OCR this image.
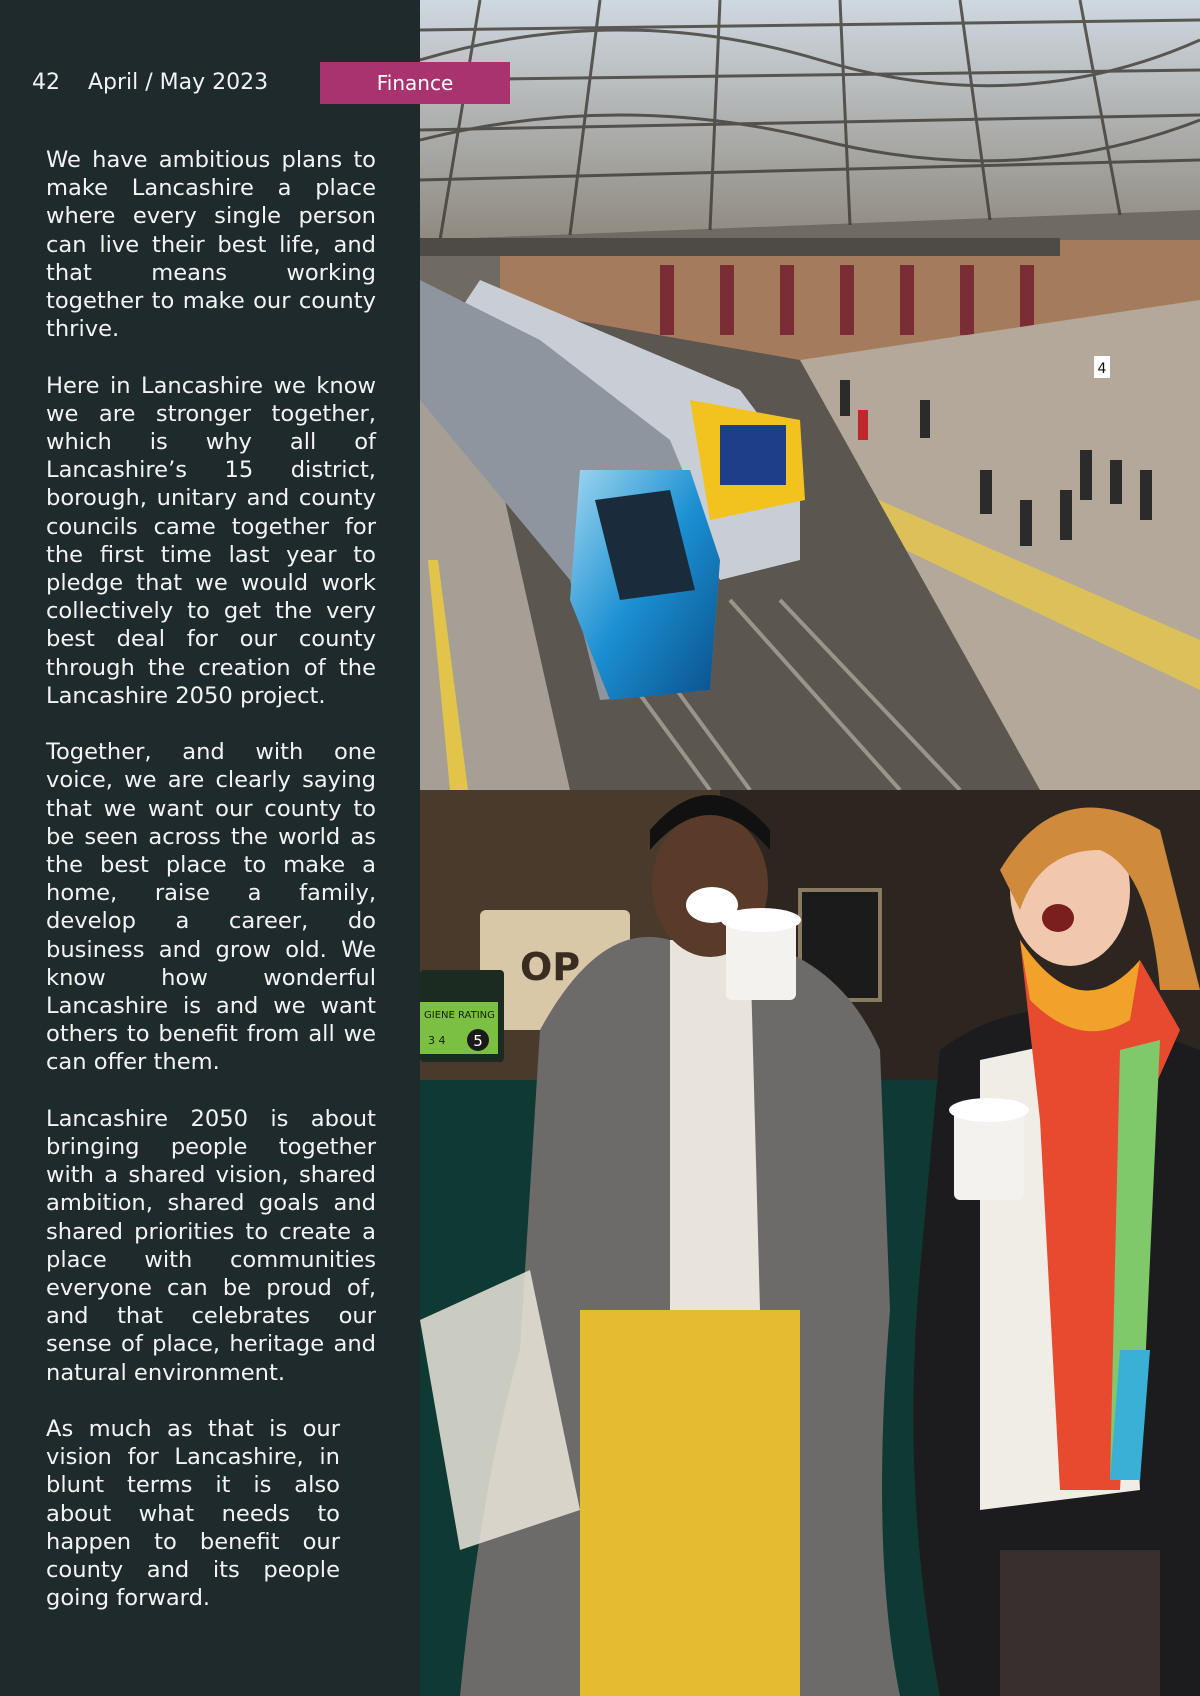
42 April / May 2023

We have ambitious plans to make Lancashire a place where every single person can live their best life, and that means working together to make our county thrive.

Here in Lancashire we know we are stronger together, which is why all of Lancashire’s 15 district, borough, unitary and county councils came together for the first time last year to pledge that we would work collectively to get the very best deal for our county through the creation of the Lancashire 2050 project.

Together, and with one voice, we are clearly saying that we want our county to be seen across the world as the best place to make a home, raise a family, develop a career, do business and grow old. We know how wonderful Lancashire is and we want others to benefit from all we can offer them.

Lancashire 2050 is about bringing people together with a shared vision, shared ambition, shared goals and shared priorities to create a place with communities everyone can be proud of, and that celebrates our sense of place, heritage and natural environment.

As much as that is our vision for Lancashire, in blunt terms it is also about what needs to happen to benefit our county and its people going forward.

Finance
4
OP
GIENE RATING
3 4 5
